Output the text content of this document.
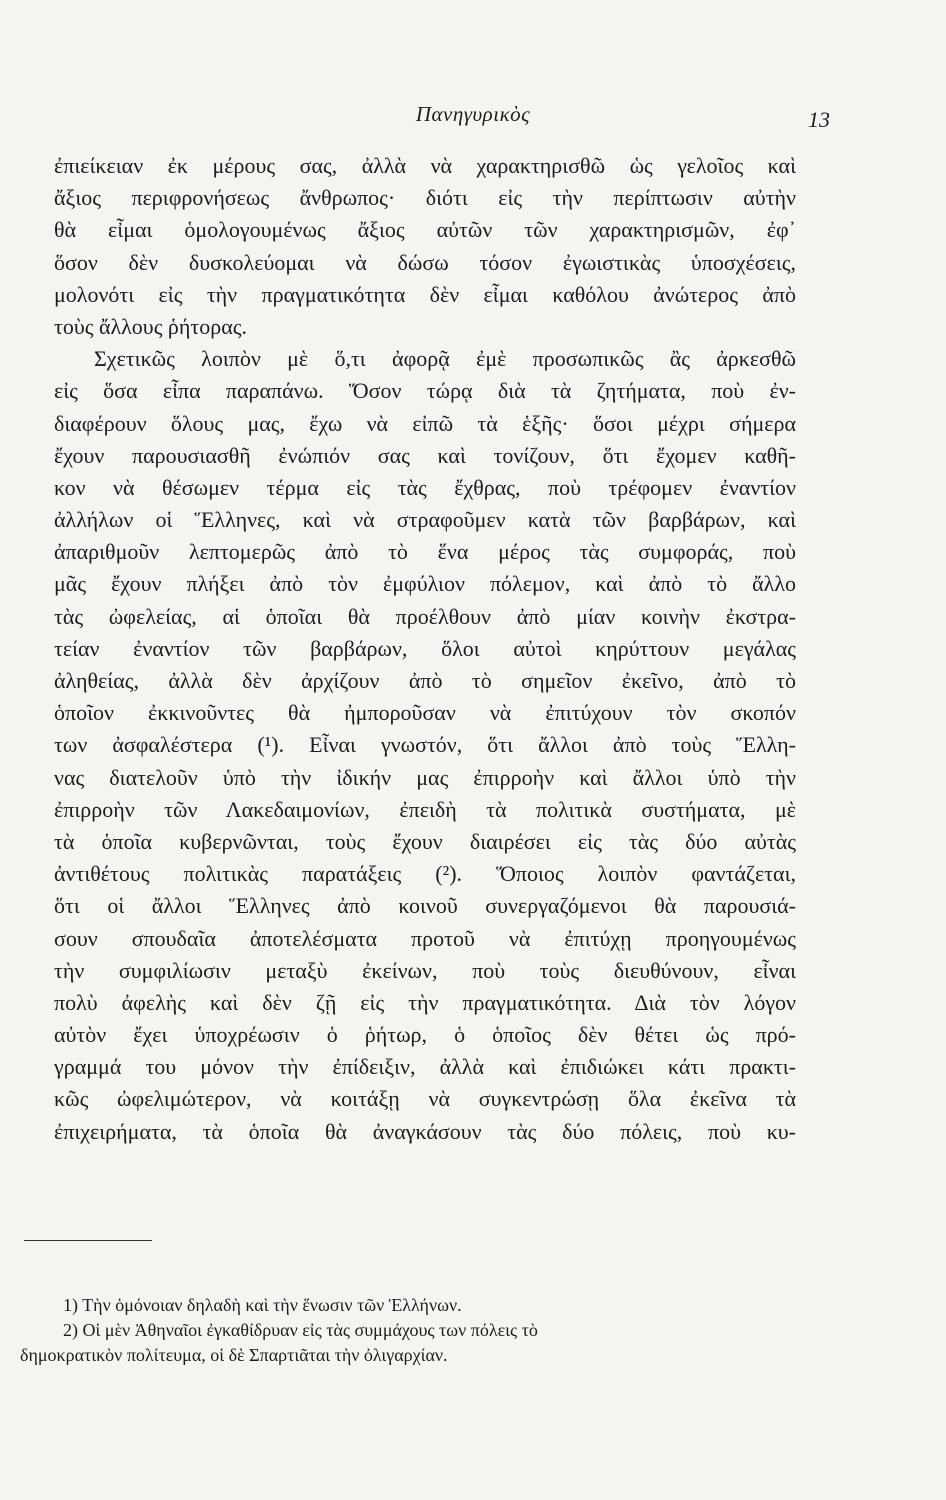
Πανηγυρικὸς	13
ἐπιείκειαν ἐκ μέρους σας, ἀλλὰ νὰ χαρακτηρισθῶ ὡς γελοῖος καὶ
ἄξιος περιφρονήσεως ἄνθρωπος· διότι εἰς τὴν περίπτωσιν αὐτὴν
θὰ εἶμαι ὁμολογουμένως ἄξιος αὐτῶν τῶν χαρακτηρισμῶν, ἐφ᾽
ὅσον δὲν δυσκολεύομαι νὰ δώσω τόσον ἐγωιστικὰς ὑποσχέσεις,
μολονότι εἰς τὴν πραγματικότητα δὲν εἶμαι καθόλου ἀνώτερος ἀπὸ
τοὺς ἄλλους ῥήτορας.
Σχετικῶς λοιπὸν μὲ ὅ,τι ἀφορᾷ ἐμὲ προσωπικῶς ἂς ἀρκεσθῶ
εἰς ὅσα εἶπα παραπάνω. Ὅσον τώρᾳ διὰ τὰ ζητήματα, ποὺ ἐν-
διαφέρουν ὅλους μας, ἔχω νὰ εἰπῶ τὰ ἑξῆς· ὅσοι μέχρι σήμερα
ἔχουν παρουσιασθῆ ἐνώπιόν σας καὶ τονίζουν, ὅτι ἔχομεν καθῆ-
κον νὰ θέσωμεν τέρμα εἰς τὰς ἔχθρας, ποὺ τρέφομεν ἐναντίον
ἀλλήλων οἱ Ἕλληνες, καὶ νὰ στραφοῦμεν κατὰ τῶν βαρβάρων, καὶ
ἀπαριθμοῦν λεπτομερῶς ἀπὸ τὸ ἕνα μέρος τὰς συμφοράς, ποὺ
μᾶς ἔχουν πλήξει ἀπὸ τὸν ἐμφύλιον πόλεμον, καὶ ἀπὸ τὸ ἄλλο
τὰς ὠφελείας, αἱ ὁποῖαι θὰ προέλθουν ἀπὸ μίαν κοινὴν ἐκστρα-
τείαν ἐναντίον τῶν βαρβάρων, ὅλοι αὐτοὶ κηρύττουν μεγάλας
ἀληθείας, ἀλλὰ δὲν ἀρχίζουν ἀπὸ τὸ σημεῖον ἐκεῖνο, ἀπὸ τὸ
ὁποῖον ἐκκινοῦντες θὰ ἠμποροῦσαν νὰ ἐπιτύχουν τὸν σκοπόν
των ἀσφαλέστερα (¹). Εἶναι γνωστόν, ὅτι ἄλλοι ἀπὸ τοὺς Ἕλλη-
νας διατελοῦν ὑπὸ τὴν ἰδικήν μας ἐπιρροὴν καὶ ἄλλοι ὑπὸ τὴν
ἐπιρροὴν τῶν Λακεδαιμονίων, ἐπειδὴ τὰ πολιτικὰ συστήματα, μὲ
τὰ ὁποῖα κυβερνῶνται, τοὺς ἔχουν διαιρέσει εἰς τὰς δύο αὐτὰς
ἀντιθέτους πολιτικὰς παρατάξεις (²). Ὅποιος λοιπὸν φαντάζεται,
ὅτι οἱ ἄλλοι Ἕλληνες ἀπὸ κοινοῦ συνεργαζόμενοι θὰ παρουσιά-
σουν σπουδαῖα ἀποτελέσματα προτοῦ νὰ ἐπιτύχῃ προηγουμένως
τὴν συμφιλίωσιν μεταξὺ ἐκείνων, ποὺ τοὺς διευθύνουν, εἶναι
πολὺ ἀφελὴς καὶ δὲν ζῇ εἰς τὴν πραγματικότητα. Διὰ τὸν λόγον
αὐτὸν ἔχει ὑποχρέωσιν ὁ ῥήτωρ, ὁ ὁποῖος δὲν θέτει ὡς πρό-
γραμμά του μόνον τὴν ἐπίδειξιν, ἀλλὰ καὶ ἐπιδιώκει κάτι πρακτι-
κῶς ὠφελιμώτερον, νὰ κοιτάξῃ νὰ συγκεντρώσῃ ὅλα ἐκεῖνα τὰ
ἐπιχειρήματα, τὰ ὁποῖα θὰ ἀναγκάσουν τὰς δύο πόλεις, ποὺ κυ-
1) Τὴν ὁμόνοιαν δηλαδὴ καὶ τὴν ἕνωσιν τῶν Ἑλλήνων.
2) Οἱ μὲν Ἀθηναῖοι ἐγκαθίδρυαν εἰς τὰς συμμάχους των πόλεις τὸ
δημοκρατικὸν πολίτευμα, οἱ δὲ Σπαρτιᾶται τὴν ὀλιγαρχίαν.
